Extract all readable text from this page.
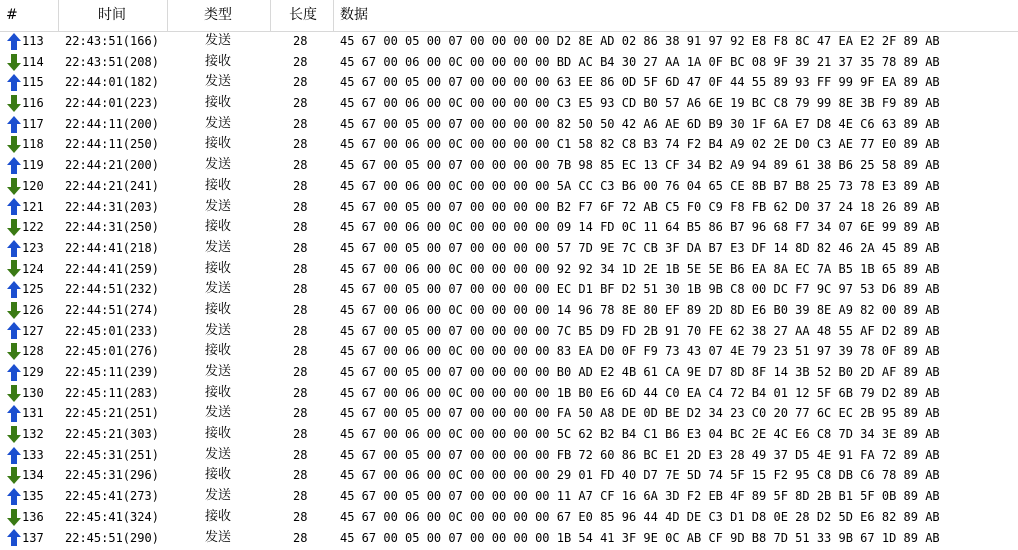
#	时间	类型	长度 数据
113	22:43:51(166)	发送	28	45 67 00 05 00 07 00 00 00 00 D2 8E AD 02 86 38 91 97 92 E8 F8 8C 47 EA E2 2F 89 AB
114	22:43:51(208)	接收	28	45 67 00 06 00 0C 00 00 00 00 BD AC B4 30 27 AA 1A 0F BC 08 9F 39 21 37 35 78 89 AB
115	22:44:01(182)	发送	28	45 67 00 05 00 07 00 00 00 00 63 EE 86 0D 5F 6D 47 0F 44 55 89 93 FF 99 9F EA 89 AB
116	22:44:01(223)	接收	28	45 67 00 06 00 0C 00 00 00 00 C3 E5 93 CD B0 57 A6 6E 19 BC C8 79 99 8E 3B F9 89 AB
117	22:44:11(200)	发送	28	45 67 00 05 00 07 00 00 00 00 82 50 50 42 A6 AE 6D B9 30 1F 6A E7 D8 4E C6 63 89 AB
118	22:44:11(250)	接收	28	45 67 00 06 00 0C 00 00 00 00 C1 58 82 C8 B3 74 F2 B4 A9 02 2E D0 C3 AE 77 E0 89 AB
119	22:44:21(200)	发送	28	45 67 00 05 00 07 00 00 00 00 7B 98 85 EC 13 CF 34 B2 A9 94 89 61 38 B6 25 58 89 AB
120	22:44:21(241)	接收	28	45 67 00 06 00 0C 00 00 00 00 5A CC C3 B6 00 76 04 65 CE 8B B7 B8 25 73 78 E3 89 AB
121	22:44:31(203)	发送	28	45 67 00 05 00 07 00 00 00 00 B2 F7 6F 72 AB C5 F0 C9 F8 FB 62 D0 37 24 18 26 89 AB
122	22:44:31(250)	接收	28	45 67 00 06 00 0C 00 00 00 00 09 14 FD 0C 11 64 B5 86 B7 96 68 F7 34 07 6E 99 89 AB
123	22:44:41(218)	发送	28	45 67 00 05 00 07 00 00 00 00 57 7D 9E 7C CB 3F DA B7 E3 DF 14 8D 82 46 2A 45 89 AB
124	22:44:41(259)	接收	28	45 67 00 06 00 0C 00 00 00 00 92 92 34 1D 2E 1B 5E 5E B6 EA 8A EC 7A B5 1B 65 89 AB
125	22:44:51(232)	发送	28	45 67 00 05 00 07 00 00 00 00 EC D1 BF D2 51 30 1B 9B C8 00 DC F7 9C 97 53 D6 89 AB
126	22:44:51(274)	接收	28	45 67 00 06 00 0C 00 00 00 00 14 96 78 8E 80 EF 89 2D 8D E6 B0 39 8E A9 82 00 89 AB
127	22:45:01(233)	发送	28	45 67 00 05 00 07 00 00 00 00 7C B5 D9 FD 2B 91 70 FE 62 38 27 AA 48 55 AF D2 89 AB
128	22:45:01(276)	接收	28	45 67 00 06 00 0C 00 00 00 00 83 EA D0 0F F9 73 43 07 4E 79 23 51 97 39 78 0F 89 AB
129	22:45:11(239)	发送	28	45 67 00 05 00 07 00 00 00 00 B0 AD E2 4B 61 CA 9E D7 8D 8F 14 3B 52 B0 2D AF 89 AB
130	22:45:11(283)	接收	28	45 67 00 06 00 0C 00 00 00 00 1B B0 E6 6D 44 C0 EA C4 72 B4 01 12 5F 6B 79 D2 89 AB
131	22:45:21(251)	发送	28	45 67 00 05 00 07 00 00 00 00 FA 50 A8 DE 0D BE D2 34 23 C0 20 77 6C EC 2B 95 89 AB
132	22:45:21(303)	接收	28	45 67 00 06 00 0C 00 00 00 00 5C 62 B2 B4 C1 B6 E3 04 BC 2E 4C E6 C8 7D 34 3E 89 AB
133	22:45:31(251)	发送	28	45 67 00 05 00 07 00 00 00 00 FB 72 60 86 BC E1 2D E3 28 49 37 D5 4E 91 FA 72 89 AB
134	22:45:31(296)	接收	28	45 67 00 06 00 0C 00 00 00 00 29 01 FD 40 D7 7E 5D 74 5F 15 F2 95 C8 DB C6 78 89 AB
135	22:45:41(273)	发送	28	45 67 00 05 00 07 00 00 00 00 11 A7 CF 16 6A 3D F2 EB 4F 89 5F 8D 2B B1 5F 0B 89 AB
136	22:45:41(324)	接收	28	45 67 00 06 00 0C 00 00 00 00 67 E0 85 96 44 4D DE C3 D1 D8 0E 28 D2 5D E6 82 89 AB
137	22:45:51(290)	发送	28	45 67 00 05 00 07 00 00 00 00 1B 54 41 3F 9E 0C AB CF 9D B8 7D 51 33 9B 67 1D 89 AB
